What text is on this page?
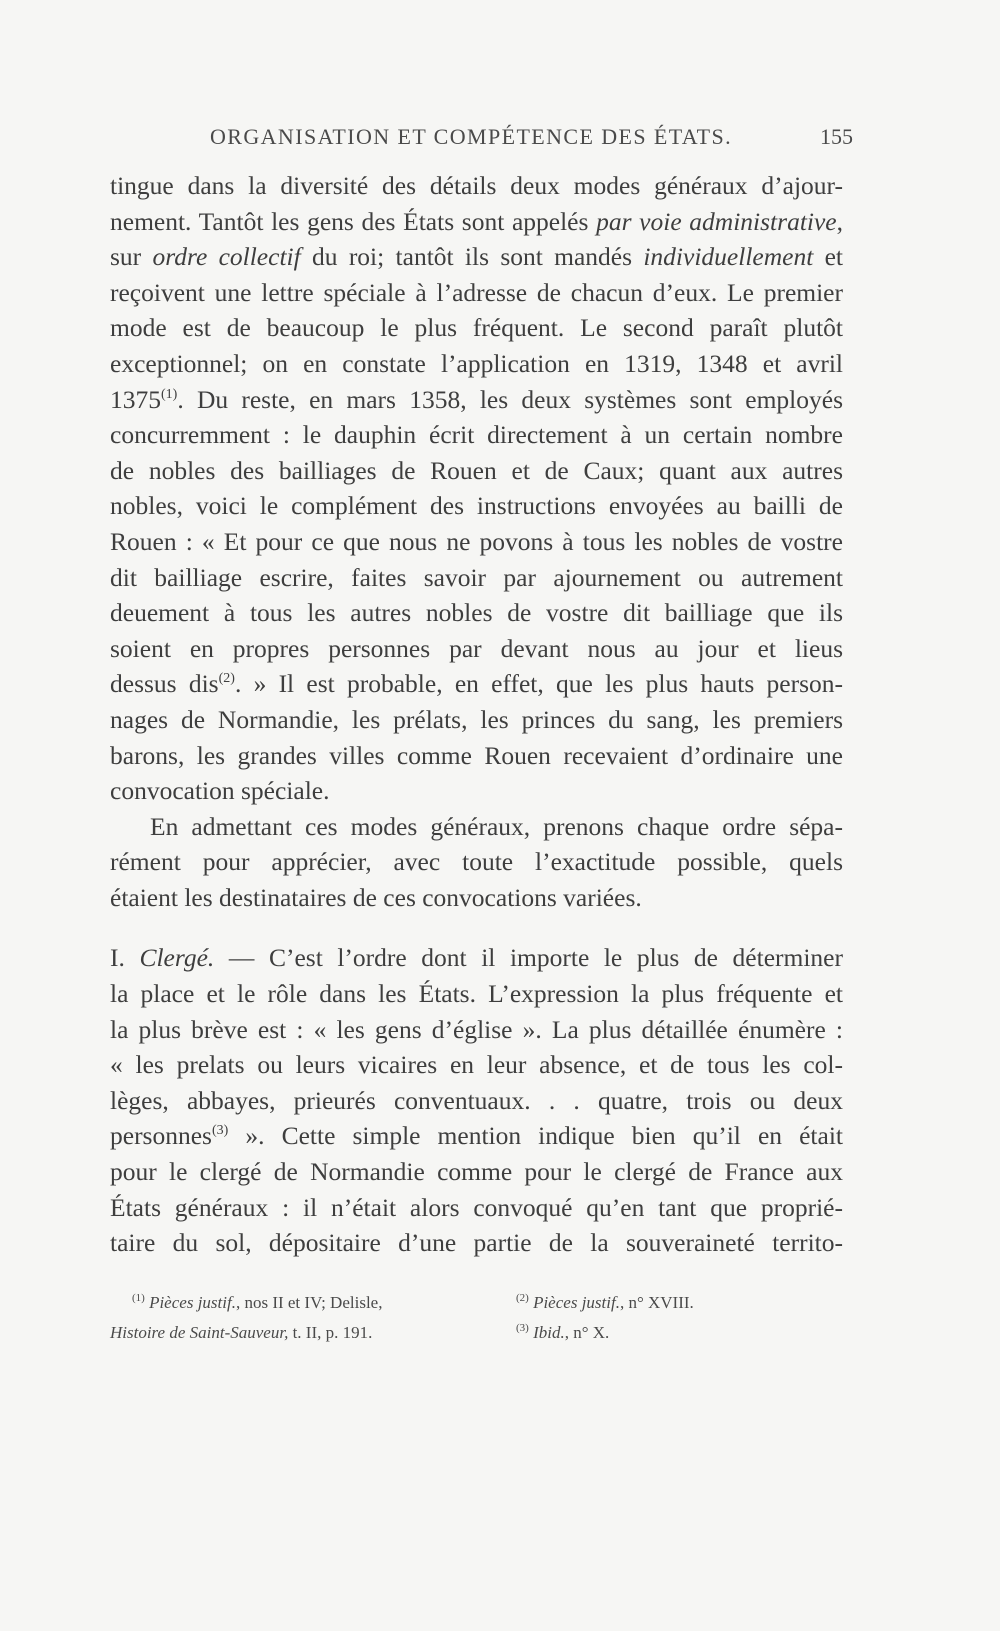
ORGANISATION ET COMPÉTENCE DES ÉTATS.	155
tingue dans la diversité des détails deux modes généraux d’ajour-
nement. Tantôt les gens des États sont appelés par voie administrative,
sur ordre collectif du roi; tantôt ils sont mandés individuellement et
reçoivent une lettre spéciale à l’adresse de chacun d’eux. Le premier
mode est de beaucoup le plus fréquent. Le second paraît plutôt
exceptionnel; on en constate l’application en 1319, 1348 et avril
1375$^{(1)}$. Du reste, en mars 1358, les deux systèmes sont employés
concurremment : le dauphin écrit directement à un certain nombre
de nobles des bailliages de Rouen et de Caux; quant aux autres
nobles, voici le complément des instructions envoyées au bailli de
Rouen : « Et pour ce que nous ne povons à tous les nobles de vostre
dit bailliage escrire, faites savoir par ajournement ou autrement
deuement à tous les autres nobles de vostre dit bailliage que ils
soient en propres personnes par devant nous au jour et lieus
dessus dis$^{(2)}$. » Il est probable, en effet, que les plus hauts person-
nages de Normandie, les prélats, les princes du sang, les premiers
barons, les grandes villes comme Rouen recevaient d’ordinaire une
convocation spéciale.
En admettant ces modes généraux, prenons chaque ordre sépa-
rément pour apprécier, avec toute l’exactitude possible, quels
étaient les destinataires de ces convocations variées.
I. Clergé. — C’est l’ordre dont il importe le plus de déterminer
la place et le rôle dans les États. L’expression la plus fréquente et
la plus brève est : « les gens d’église ». La plus détaillée énumère :
« les prelats ou leurs vicaires en leur absence, et de tous les col-
lèges, abbayes, prieurés conventuaux. . . quatre, trois ou deux
personnes$^{(3)}$ ». Cette simple mention indique bien qu’il en était
pour le clergé de Normandie comme pour le clergé de France aux
États généraux : il n’était alors convoqué qu’en tant que proprié-
taire du sol, dépositaire d’une partie de la souveraineté territo-
$^{(1)}$ Pièces justif., nos II et IV; Delisle,
Histoire de Saint-Sauveur, t. II, p. 191.
$^{(2)}$ Pièces justif., n° XVIII.
$^{(3)}$ Ibid., n° X.
